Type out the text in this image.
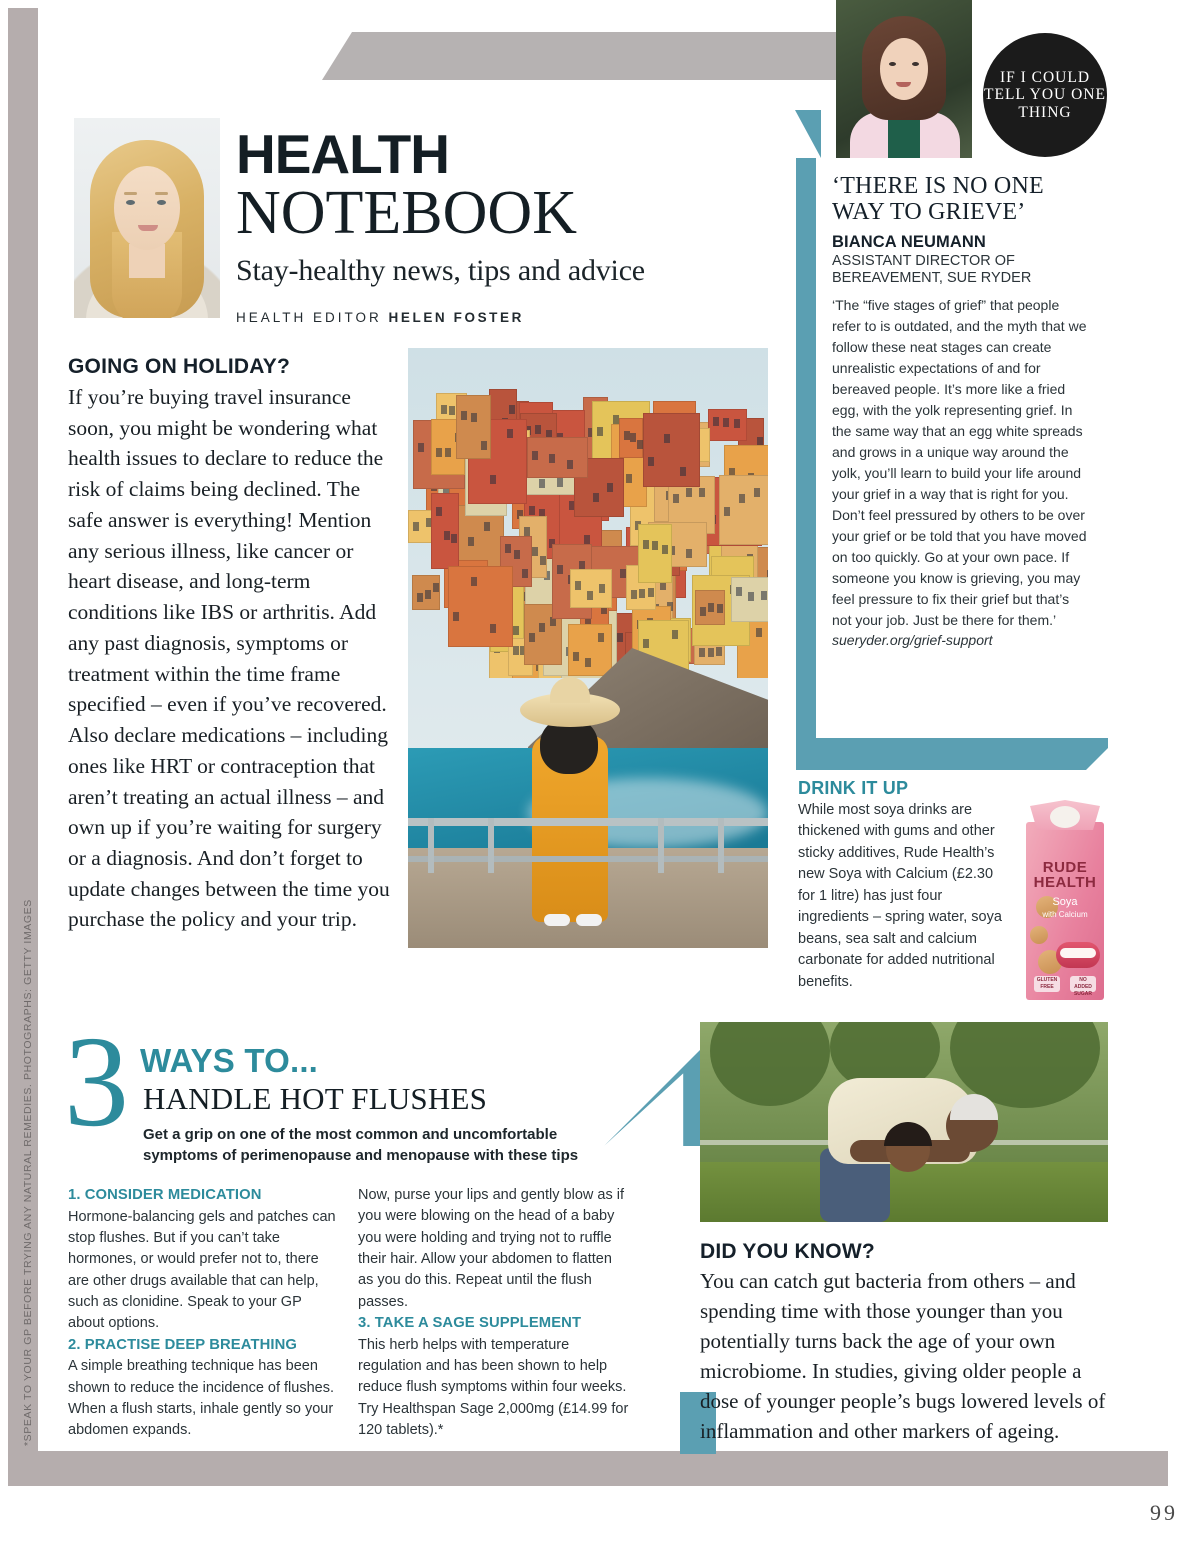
HEALTH
NOTEBOOK
Stay-healthy news, tips and advice
HEALTH EDITOR HELEN FOSTER
IF I COULD TELL YOU ONE THING
‘THERE IS NO ONE WAY TO GRIEVE’
BIANCA NEUMANN
ASSISTANT DIRECTOR OF BEREAVEMENT, SUE RYDER
‘The “five stages of grief” that people refer to is outdated, and the myth that we follow these neat stages can create unrealistic expectations of and for bereaved people. It’s more like a fried egg, with the yolk representing grief. In the same way that an egg white spreads and grows in a unique way around the yolk, you’ll learn to build your life around your grief in a way that is right for you. Don’t feel pressured by others to be over your grief or be told that you have moved on too quickly. Go at your own pace. If someone you know is grieving, you may feel pressure to fix their grief but that’s not your job. Just be there for them.’
sueryder.org/grief-support
GOING ON HOLIDAY?
If you’re buying travel insurance soon, you might be wondering what health issues to declare to reduce the risk of claims being declined. The safe answer is everything! Mention any serious illness, like cancer or heart disease, and long-term conditions like IBS or arthritis. Add any past diagnosis, symptoms or treatment within the time frame specified – even if you’ve recovered. Also declare medications – including ones like HRT or contraception that aren’t treating an actual illness – and own up if you’re waiting for surgery or a diagnosis. And don’t forget to update changes between the time you purchase the policy and your trip.
DRINK IT UP
While most soya drinks are thickened with gums and other sticky additives, Rude Health’s new Soya with Calcium (£2.30 for 1 litre) has just four ingredients – spring water, soya beans, sea salt and calcium carbonate for added nutritional benefits.
RUDE
HEALTH
Soya
with Calcium
GLUTEN FREE
NO ADDED SUGAR
3 WAYS TO...
HANDLE HOT FLUSHES
Get a grip on one of the most common and uncomfortable symptoms of perimenopause and menopause with these tips
1. CONSIDER MEDICATION
Hormone-balancing gels and patches can stop flushes. But if you can’t take hormones, or would prefer not to, there are other drugs available that can help, such as clonidine. Speak to your GP about options.
2. PRACTISE DEEP BREATHING
A simple breathing technique has been shown to reduce the incidence of flushes. When a flush starts, inhale gently so your abdomen expands.
Now, purse your lips and gently blow as if you were blowing on the head of a baby you were holding and trying not to ruffle their hair. Allow your abdomen to flatten as you do this. Repeat until the flush passes.
3. TAKE A SAGE SUPPLEMENT
This herb helps with temperature regulation and has been shown to help reduce flush symptoms within four weeks. Try Healthspan Sage 2,000mg (£14.99 for 120 tablets).*
DID YOU KNOW?
You can catch gut bacteria from others – and spending time with those younger than you potentially turns back the age of your own microbiome. In studies, giving older people a dose of younger people’s bugs lowered levels of inflammation and other markers of ageing.
*SPEAK TO YOUR GP BEFORE TRYING ANY NATURAL REMEDIES. PHOTOGRAPHS: GETTY IMAGES
99
